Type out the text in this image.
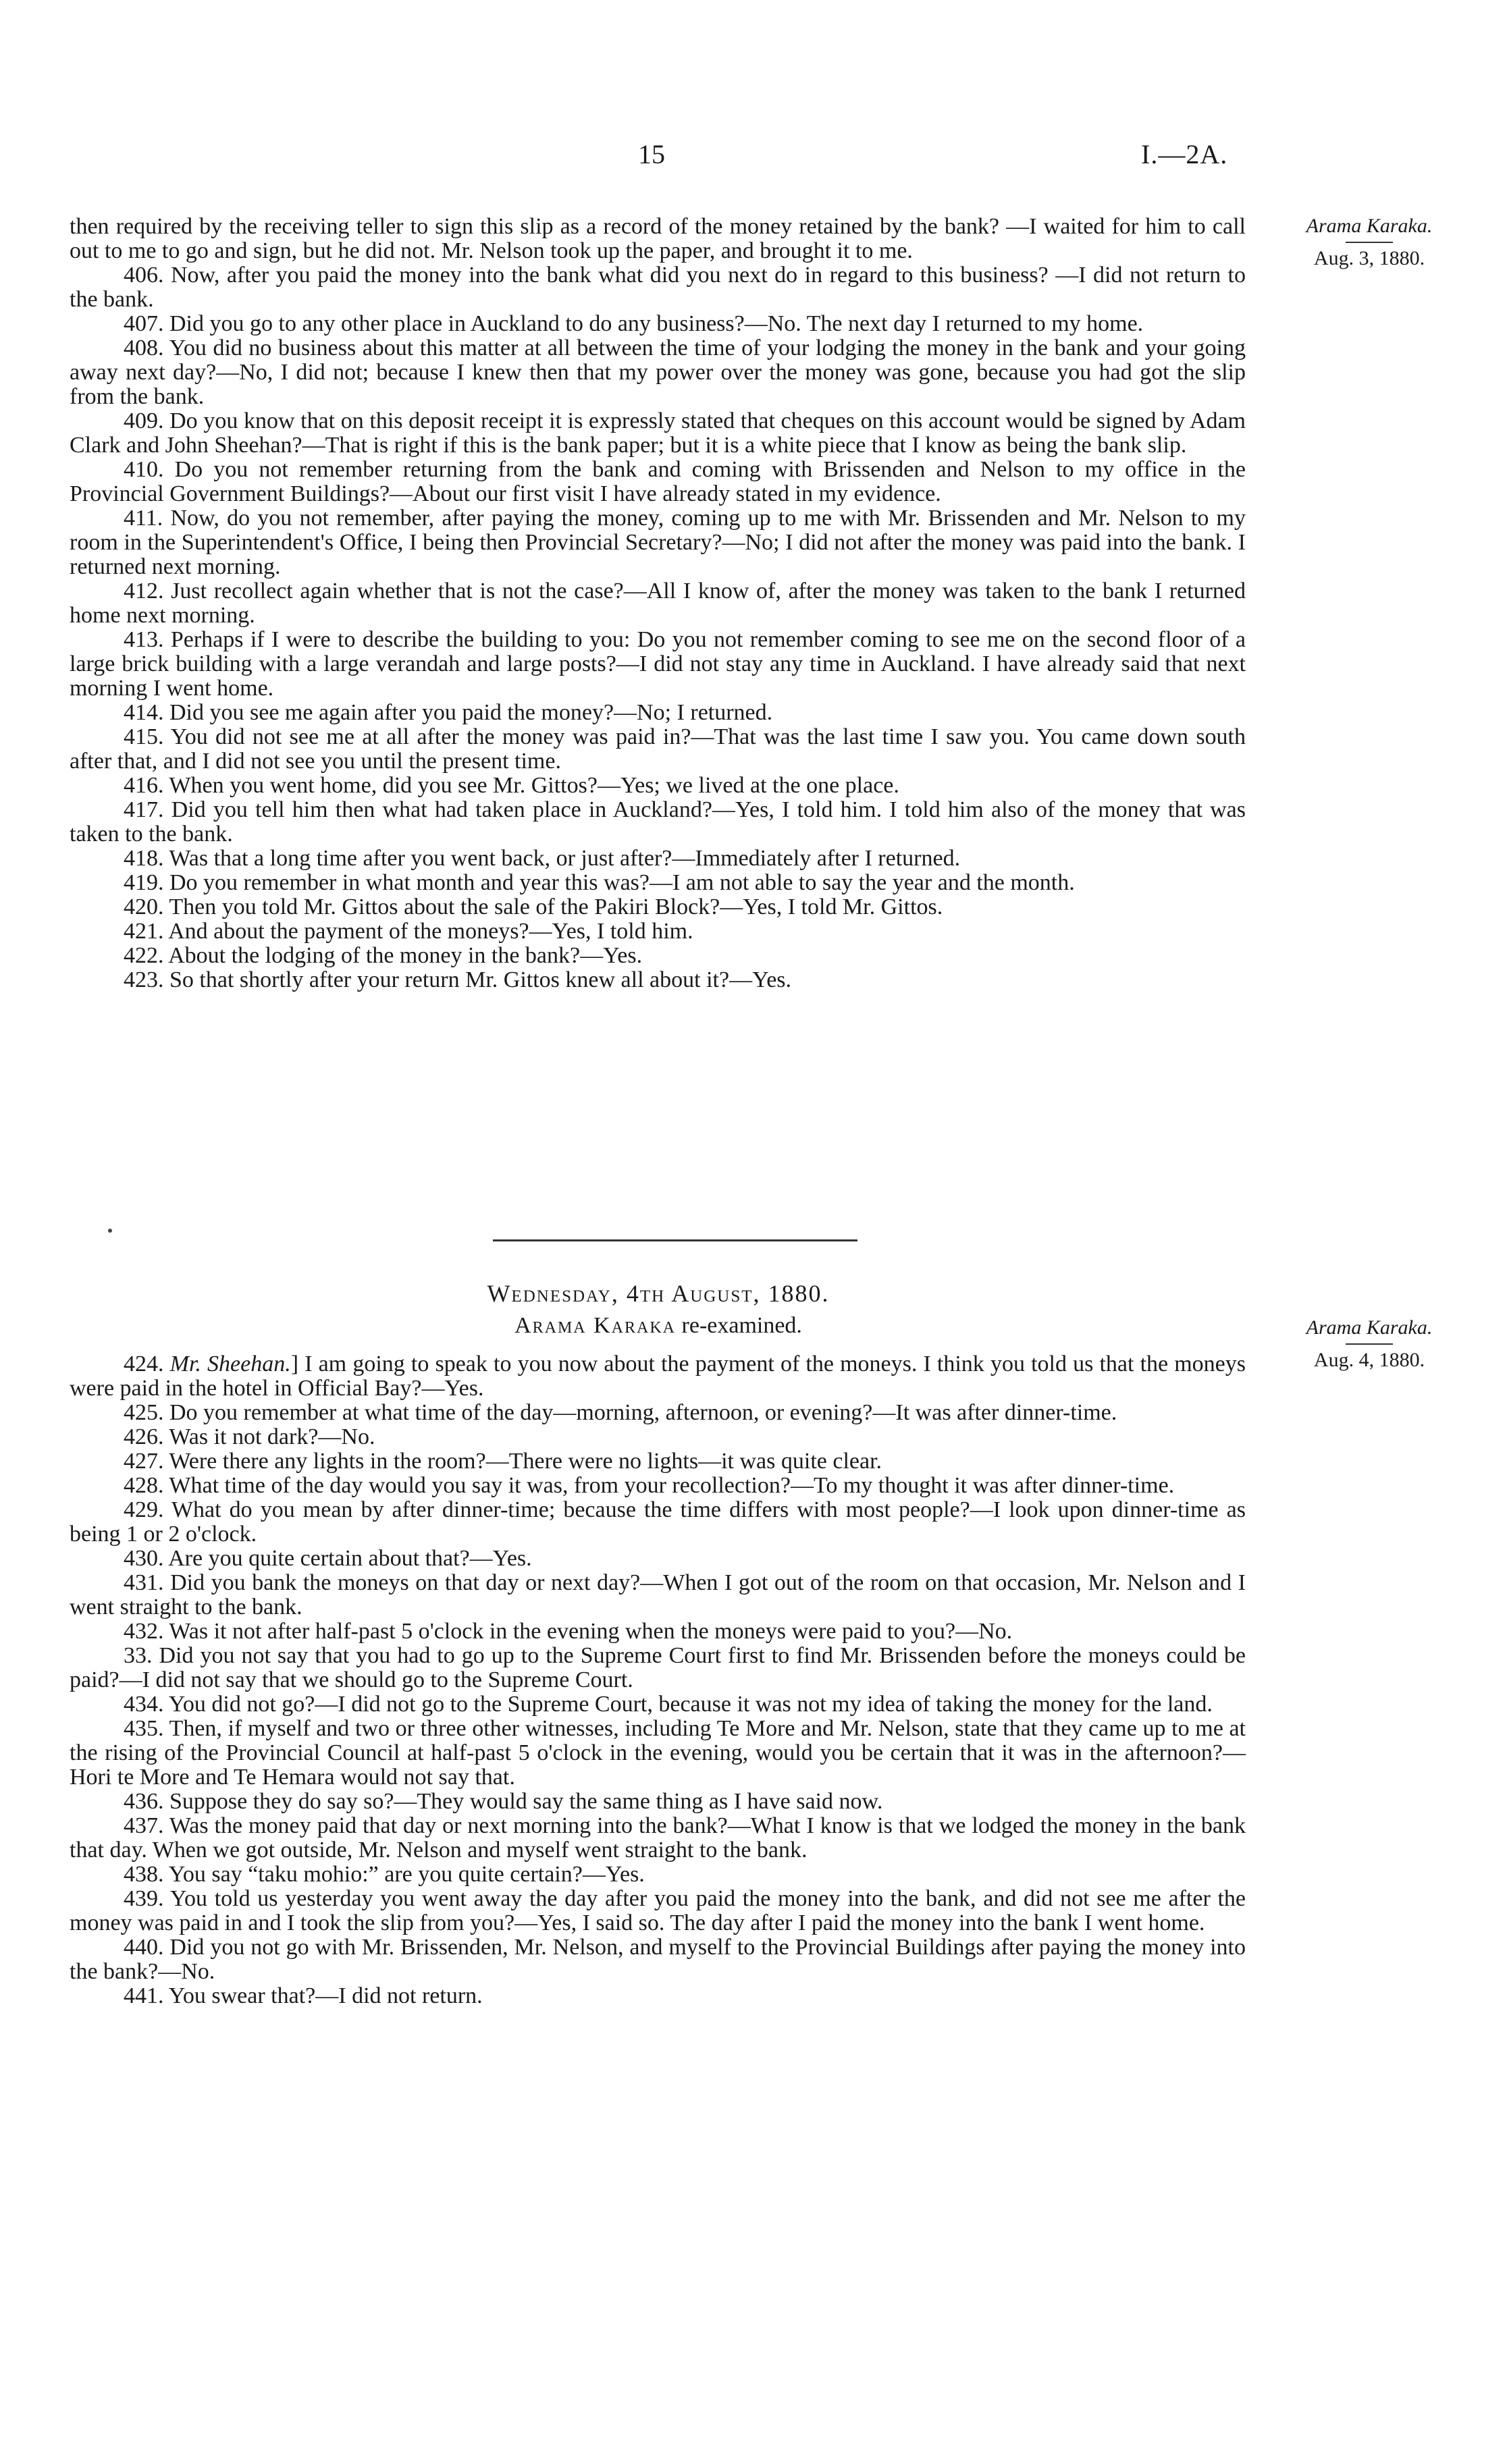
15	I.—2A.
Arama Karaka.
Aug. 3, 1880.

then required by the receiving teller to sign this slip as a record of the money retained by the bank? —I waited for him to call out to me to go and sign, but he did not. Mr. Nelson took up the paper, and brought it to me.

406. Now, after you paid the money into the bank what did you next do in regard to this business? —I did not return to the bank.

407. Did you go to any other place in Auckland to do any business?—No. The next day I returned to my home.

408. You did no business about this matter at all between the time of your lodging the money in the bank and your going away next day?—No, I did not; because I knew then that my power over the money was gone, because you had got the slip from the bank.

409. Do you know that on this deposit receipt it is expressly stated that cheques on this account would be signed by Adam Clark and John Sheehan?—That is right if this is the bank paper; but it is a white piece that I know as being the bank slip.

410. Do you not remember returning from the bank and coming with Brissenden and Nelson to my office in the Provincial Government Buildings?—About our first visit I have already stated in my evidence.

411. Now, do you not remember, after paying the money, coming up to me with Mr. Brissenden and Mr. Nelson to my room in the Superintendent's Office, I being then Provincial Secretary?—No; I did not after the money was paid into the bank. I returned next morning.

412. Just recollect again whether that is not the case?—All I know of, after the money was taken to the bank I returned home next morning.

413. Perhaps if I were to describe the building to you: Do you not remember coming to see me on the second floor of a large brick building with a large verandah and large posts?—I did not stay any time in Auckland. I have already said that next morning I went home.

414. Did you see me again after you paid the money?—No; I returned.

415. You did not see me at all after the money was paid in?—That was the last time I saw you. You came down south after that, and I did not see you until the present time.

416. When you went home, did you see Mr. Gittos?—Yes; we lived at the one place.

417. Did you tell him then what had taken place in Auckland?—Yes, I told him. I told him also of the money that was taken to the bank.

418. Was that a long time after you went back, or just after?—Immediately after I returned.

419. Do you remember in what month and year this was?—I am not able to say the year and the month.

420. Then you told Mr. Gittos about the sale of the Pakiri Block?—Yes, I told Mr. Gittos.

421. And about the payment of the moneys?—Yes, I told him.

422. About the lodging of the money in the bank?—Yes.

423. So that shortly after your return Mr. Gittos knew all about it?—Yes.

Wednesday, 4th August, 1880.
Arama Karaka re-examined.	Arama Karaka.
Aug. 4, 1880.

424. Mr. Sheehan.] I am going to speak to you now about the payment of the moneys. I think you told us that the moneys were paid in the hotel in Official Bay?—Yes.

425. Do you remember at what time of the day—morning, afternoon, or evening?—It was after dinner-time.

426. Was it not dark?—No.

427. Were there any lights in the room?—There were no lights—it was quite clear.

428. What time of the day would you say it was, from your recollection?—To my thought it was after dinner-time.

429. What do you mean by after dinner-time; because the time differs with most people?—I look upon dinner-time as being 1 or 2 o'clock.

430. Are you quite certain about that?—Yes.

431. Did you bank the moneys on that day or next day?—When I got out of the room on that occasion, Mr. Nelson and I went straight to the bank.

432. Was it not after half-past 5 o'clock in the evening when the moneys were paid to you?—No.

33. Did you not say that you had to go up to the Supreme Court first to find Mr. Brissenden before the moneys could be paid?—I did not say that we should go to the Supreme Court.

434. You did not go?—I did not go to the Supreme Court, because it was not my idea of taking the money for the land.

435. Then, if myself and two or three other witnesses, including Te More and Mr. Nelson, state that they came up to me at the rising of the Provincial Council at half-past 5 o'clock in the evening, would you be certain that it was in the afternoon?—Hori te More and Te Hemara would not say that.

436. Suppose they do say so?—They would say the same thing as I have said now.

437. Was the money paid that day or next morning into the bank?—What I know is that we lodged the money in the bank that day. When we got outside, Mr. Nelson and myself went straight to the bank.

438. You say “taku mohio:” are you quite certain?—Yes.

439. You told us yesterday you went away the day after you paid the money into the bank, and did not see me after the money was paid in and I took the slip from you?—Yes, I said so. The day after I paid the money into the bank I went home.

440. Did you not go with Mr. Brissenden, Mr. Nelson, and myself to the Provincial Buildings after paying the money into the bank?—No.

441. You swear that?—I did not return.
